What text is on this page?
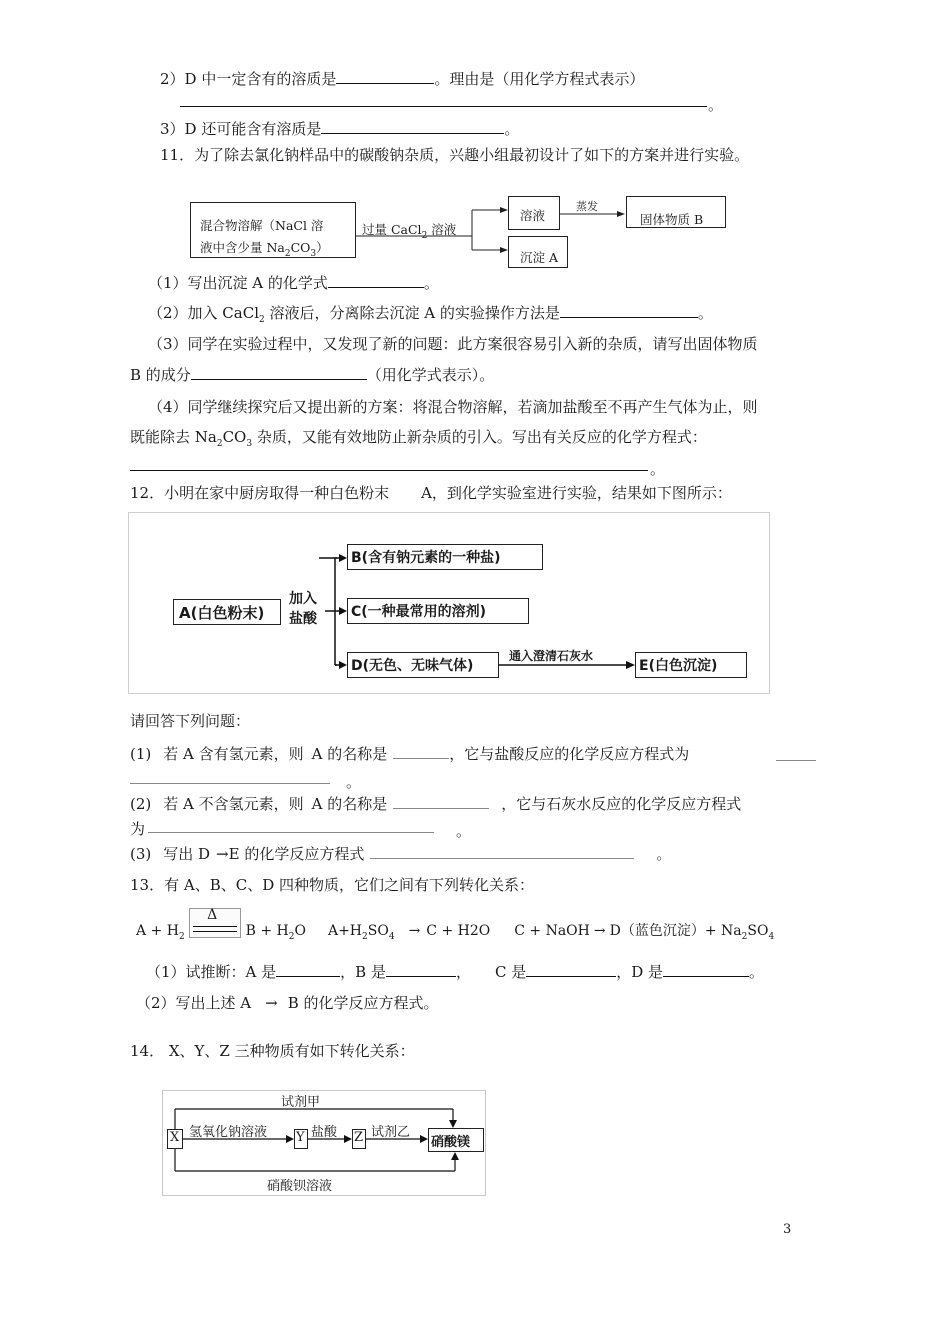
2）D 中一定含有的溶质是	。理由是（用化学方程式表示）
。
3）D 还可能含有溶质是	。
11．为了除去氯化钠样品中的碳酸钠杂质，兴趣小组最初设计了如下的方案并进行实验。
混合物溶解（NaCl 溶
液中含少量 $Na_2CO_3$）
过量 CaCl$_2$ 溶液
溶液
蒸发
固体物质 B
沉淀 A
（1）写出沉淀 A 的化学式	。
（2）加入 CaCl$_2$ 溶液后，分离除去沉淀 A 的实验操作方法是	。
（3）同学在实验过程中，又发现了新的问题：此方案很容易引入新的杂质，请写出固体物质
B 的成分	（用化学式表示）。
（4）同学继续探究后又提出新的方案：将混合物溶解，若滴加盐酸至不再产生气体为止，则
既能除去 $Na_2CO_3$ 杂质，又能有效地防止新杂质的引入。写出有关反应的化学方程式：
。
12．小明在家中厨房取得一种白色粉末 A，到化学实验室进行实验，结果如下图所示：
A(白色粉末)
加入
盐酸
B(含有钠元素的一种盐)
C(一种最常用的溶剂)
D(无色、无味气体)
通入澄清石灰水
E(白色沉淀)
请回答下列问题：
(1) 若 A 含有氢元素，则 A 的名称是	，它与盐酸反应的化学反应方程式为
。
(2) 若 A 不含氢元素，则 A 的名称是	，它与石灰水反应的化学反应方程式
为	。
(3) 写出 D →E 的化学反应方程式	。
13．有 A、B、C、D 四种物质，它们之间有下列转化关系：
$A + H_2$
Δ
$B + H_2O$ $A+H_2SO_4 \to C + H2O$ C + NaOH → D（蓝色沉淀）+ $Na_2SO_4$
（1）试推断：A 是	，B 是	， C 是	，D 是	。
（2）写出上述 A → B 的化学反应方程式。
14． X、Y、Z 三种物质有如下转化关系：
试剂甲
X 氢氧化钠溶液 Y 盐酸 Z 试剂乙
硝酸镁
硝酸钡溶液
3
